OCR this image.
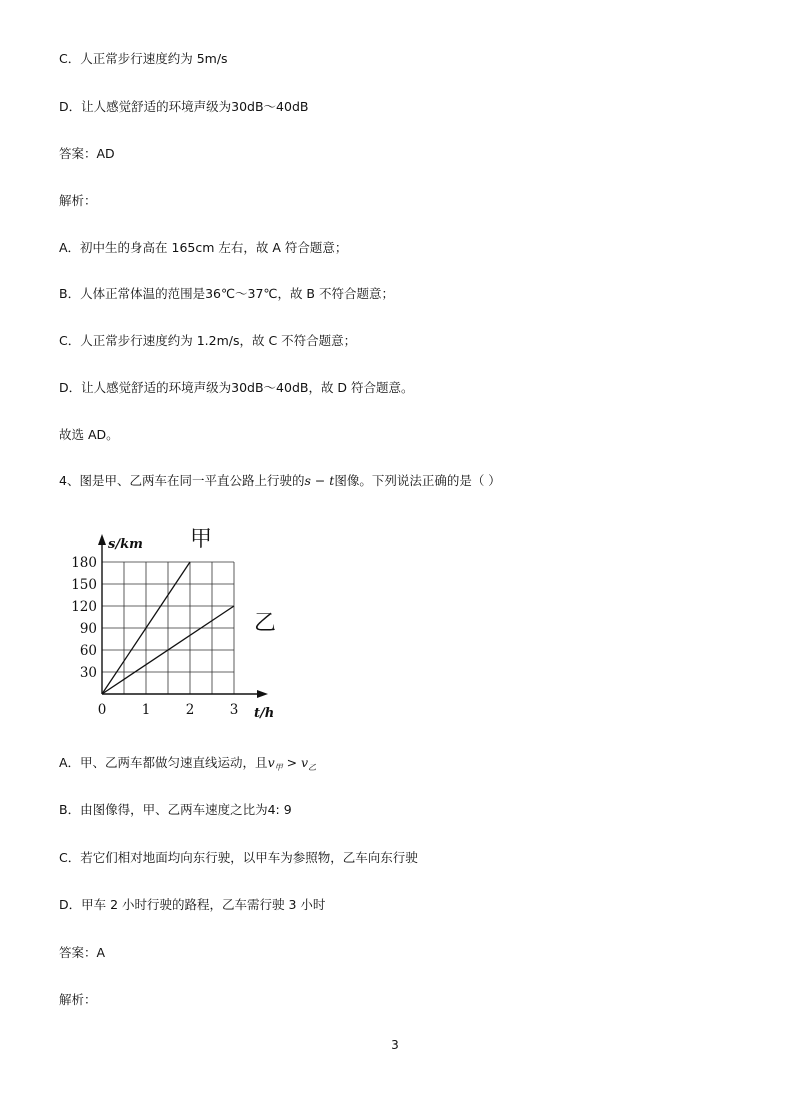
C．人正常步行速度约为 5m/s
D．让人感觉舒适的环境声级为30dB～40dB
答案：AD
解析：
A．初中生的身高在 165cm 左右，故 A 符合题意；
B．人体正常体温的范围是36℃～37℃，故 B 不符合题意；
C．人正常步行速度约为 1.2m/s，故 C 不符合题意；
D．让人感觉舒适的环境声级为30dB～40dB，故 D 符合题意。
故选 AD。
4、图是甲、乙两车在同一平直公路上行驶的s − t图像。下列说法正确的是（ ）
甲
乙
30
60
90
120
150
180
0	1	2	3
s/km
t/h
A．甲、乙两车都做匀速直线运动，且$v_甲 > v_乙$
B．由图像得，甲、乙两车速度之比为4: 9
C．若它们相对地面均向东行驶，以甲车为参照物，乙车向东行驶
D．甲车 2 小时行驶的路程，乙车需行驶 3 小时
答案：A
解析：
3
